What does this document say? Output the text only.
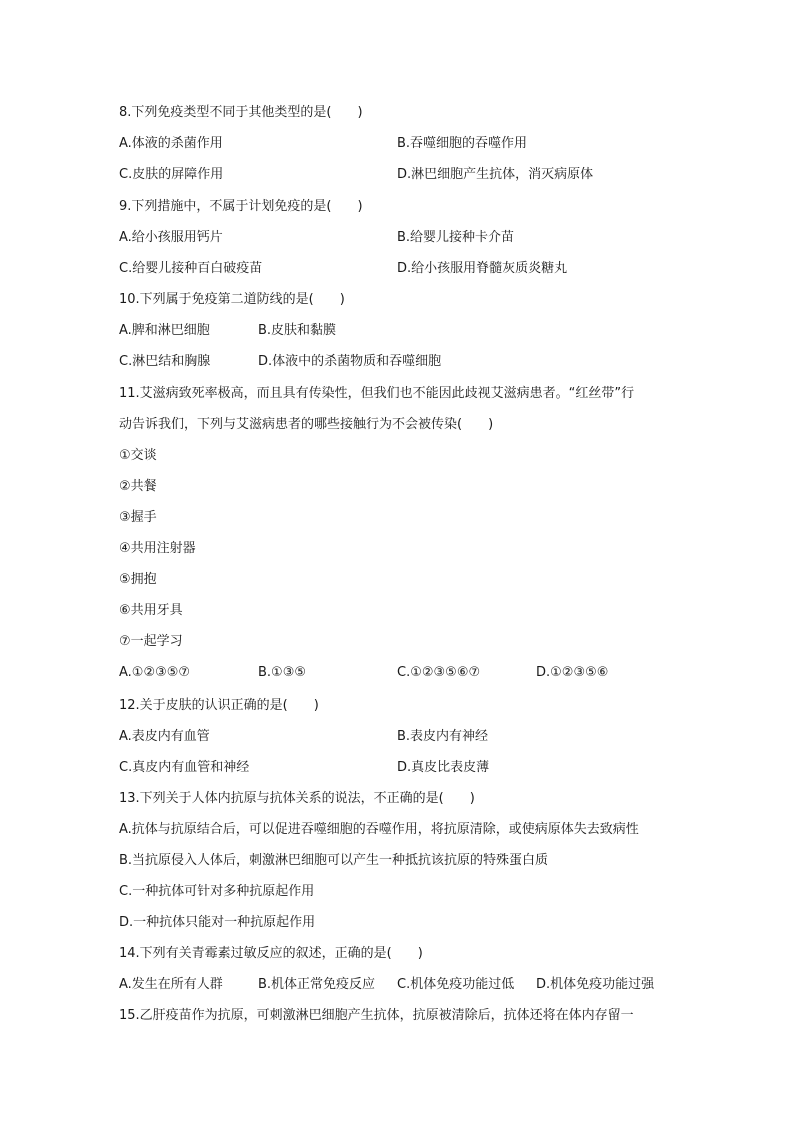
8.下列免疫类型不同于其他类型的是(　　)
A.体液的杀菌作用	B.吞噬细胞的吞噬作用
C.皮肤的屏障作用	D.淋巴细胞产生抗体，消灭病原体
9.下列措施中，不属于计划免疫的是(　　)
A.给小孩服用钙片	B.给婴儿接种卡介苗
C.给婴儿接种百白破疫苗	D.给小孩服用脊髓灰质炎糖丸
10.下列属于免疫第二道防线的是(　　)
A.脾和淋巴细胞	B.皮肤和黏膜
C.淋巴结和胸腺	D.体液中的杀菌物质和吞噬细胞
11.艾滋病致死率极高，而且具有传染性，但我们也不能因此歧视艾滋病患者。“红丝带”行
动告诉我们，下列与艾滋病患者的哪些接触行为不会被传染(　　)
①交谈
②共餐
③握手
④共用注射器
⑤拥抱
⑥共用牙具
⑦一起学习
A.①②③⑤⑦	B.①③⑤	C.①②③⑤⑥⑦	D.①②③⑤⑥
12.关于皮肤的认识正确的是(　　)
A.表皮内有血管	B.表皮内有神经
C.真皮内有血管和神经	D.真皮比表皮薄
13.下列关于人体内抗原与抗体关系的说法，不正确的是(　　)
A.抗体与抗原结合后，可以促进吞噬细胞的吞噬作用，将抗原清除，或使病原体失去致病性
B.当抗原侵入人体后，刺激淋巴细胞可以产生一种抵抗该抗原的特殊蛋白质
C.一种抗体可针对多种抗原起作用
D.一种抗体只能对一种抗原起作用
14.下列有关青霉素过敏反应的叙述，正确的是(　　)
A.发生在所有人群	B.机体正常免疫反应 C.机体免疫功能过低 D.机体免疫功能过强
15.乙肝疫苗作为抗原，可刺激淋巴细胞产生抗体，抗原被清除后，抗体还将在体内存留一
